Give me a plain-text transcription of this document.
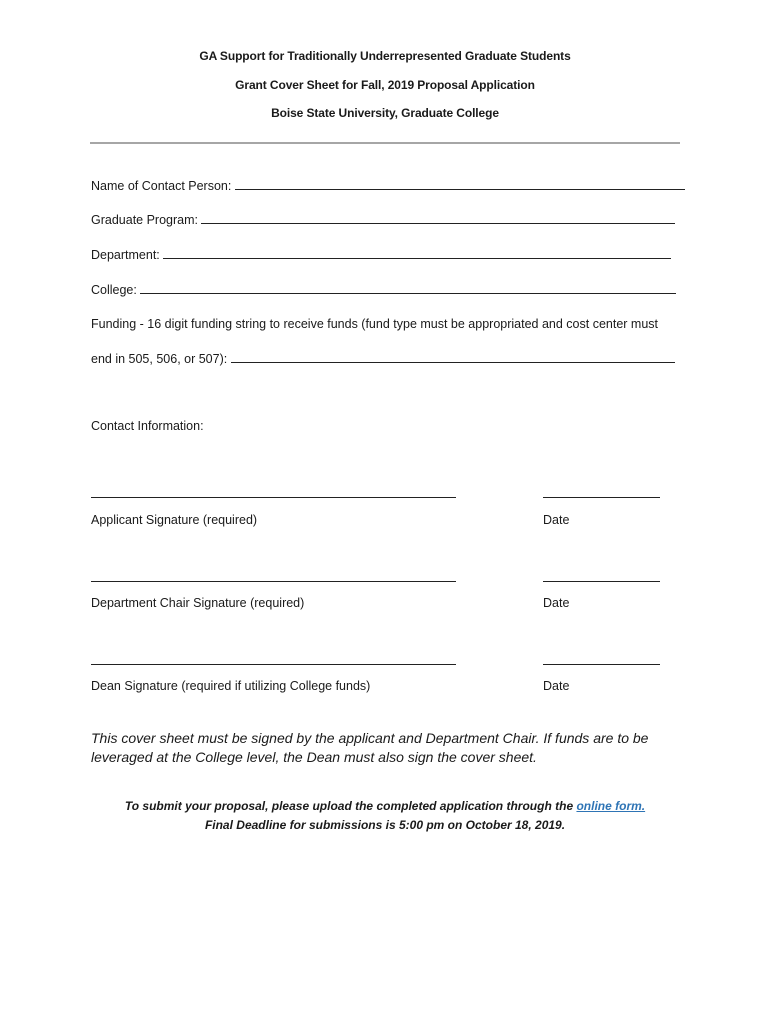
GA Support for Traditionally Underrepresented Graduate Students
Grant Cover Sheet for Fall, 2019 Proposal Application
Boise State University, Graduate College
Name of Contact Person:
Graduate Program:
Department:
College:
Funding - 16 digit funding string to receive funds (fund type must be appropriated and cost center must
end in 505, 506, or 507):
Contact Information:
Applicant Signature (required)	Date
Department Chair Signature (required)	Date
Dean Signature (required if utilizing College funds)	Date
This cover sheet must be signed by the applicant and Department Chair. If funds are to be leveraged at the College level, the Dean must also sign the cover sheet.
To submit your proposal, please upload the completed application through the online form.
Final Deadline for submissions is 5:00 pm on October 18, 2019.
